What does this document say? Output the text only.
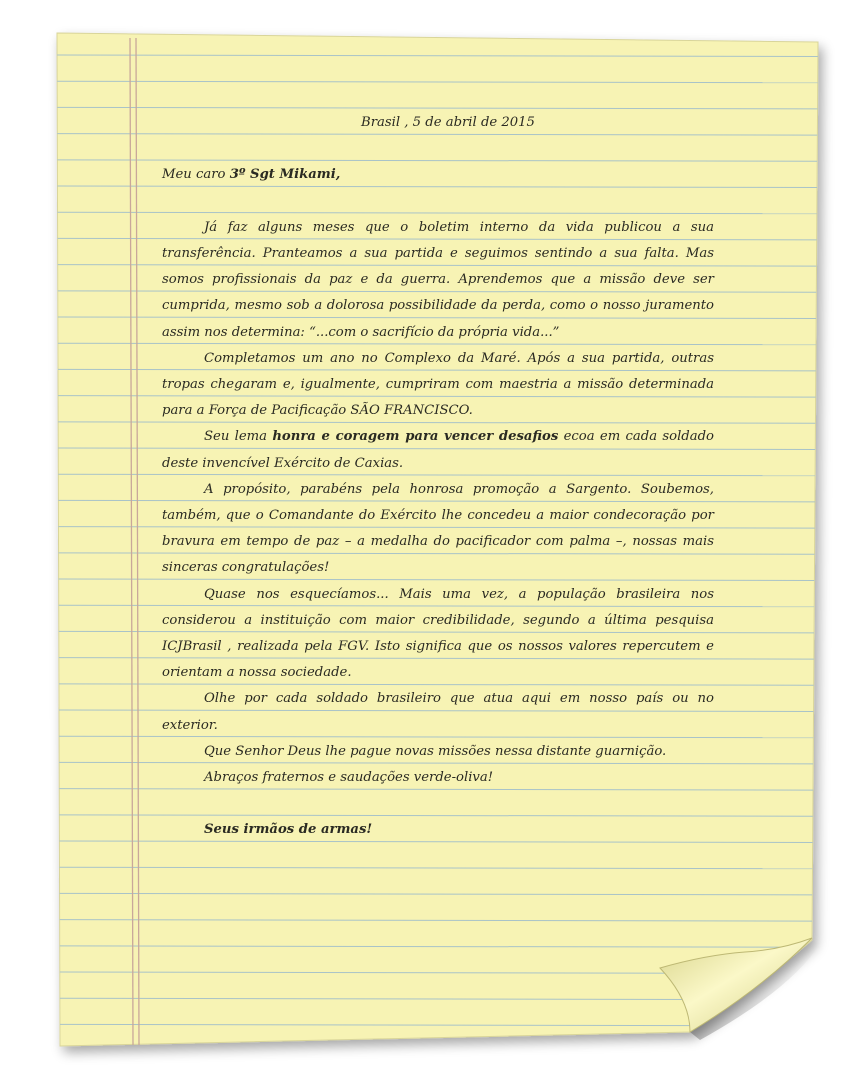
Brasil , 5 de abril de 2015

Meu caro 3º Sgt Mikami,

Já faz alguns meses que o boletim interno da vida publicou a sua transferência. Pranteamos a sua partida e seguimos sentindo a sua falta. Mas somos profissionais da paz e da guerra. Aprendemos que a missão deve ser cumprida, mesmo sob a dolorosa possibilidade da perda, como o nosso juramento assim nos determina: “...com o sacrifício da própria vida...”

Completamos um ano no Complexo da Maré. Após a sua partida, outras tropas chegaram e, igualmente, cumpriram com maestria a missão determinada para a Força de Pacificação SÃO FRANCISCO.

Seu lema honra e coragem para vencer desafios ecoa em cada soldado deste invencível Exército de Caxias.

A propósito, parabéns pela honrosa promoção a Sargento. Soubemos, também, que o Comandante do Exército lhe concedeu a maior condecoração por bravura em tempo de paz – a medalha do pacificador com palma –, nossas mais sinceras congratulações!

Quase nos esquecíamos... Mais uma vez, a população brasileira nos considerou a instituição com maior credibilidade, segundo a última pesquisa ICJBrasil , realizada pela FGV. Isto significa que os nossos valores repercutem e orientam a nossa sociedade.

Olhe por cada soldado brasileiro que atua aqui em nosso país ou no exterior.

Que Senhor Deus lhe pague novas missões nessa distante guarnição.

Abraços fraternos e saudações verde-oliva!

Seus irmãos de armas!
